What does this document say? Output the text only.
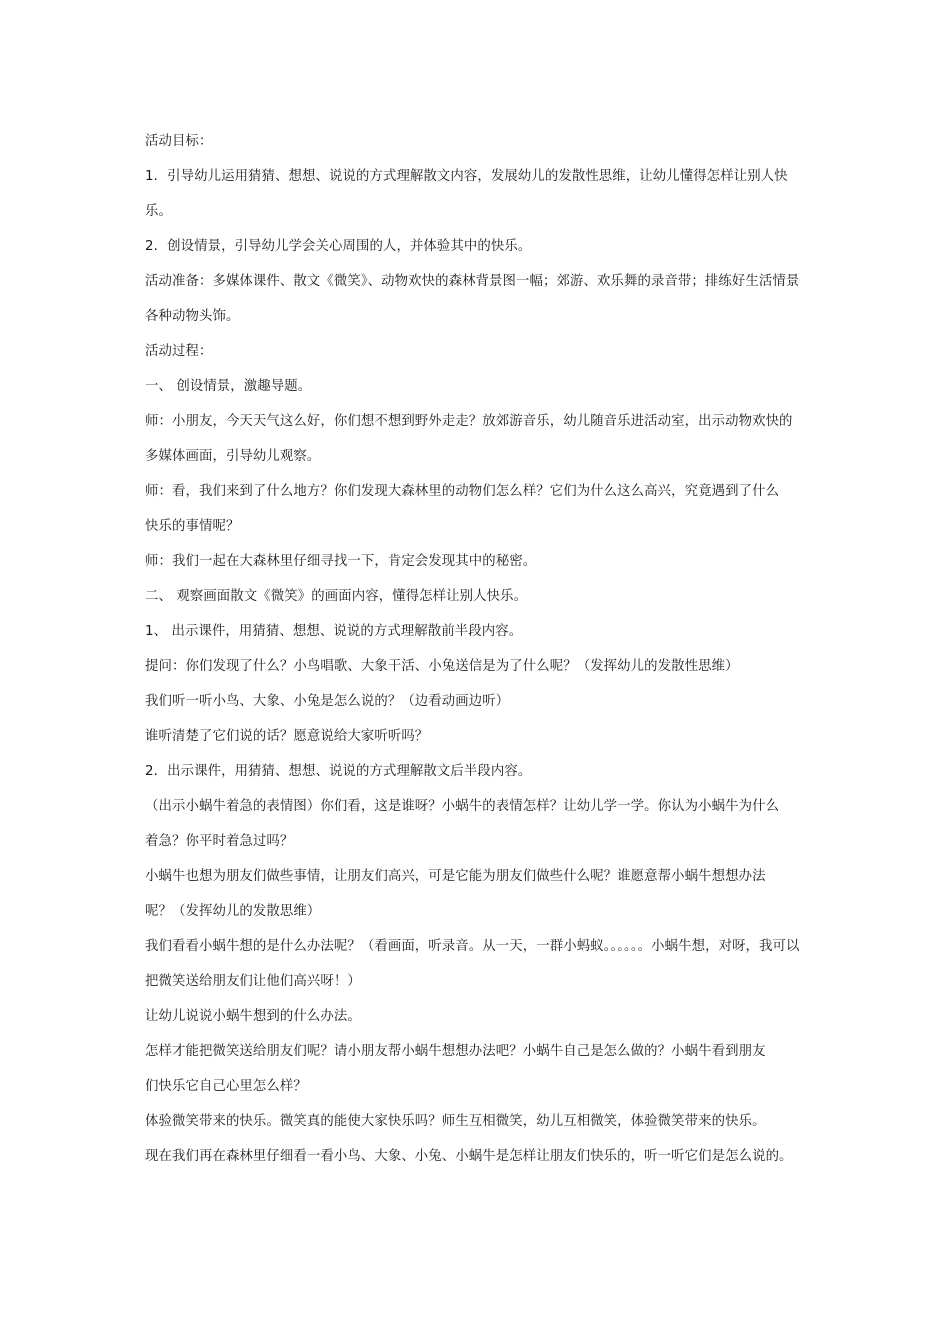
活动目标：

1．引导幼儿运用猜猜、想想、说说的方式理解散文内容，发展幼儿的发散性思维，让幼儿懂得怎样让别人快

乐。

2．创设情景，引导幼儿学会关心周围的人，并体验其中的快乐。

活动准备：多媒体课件、散文《微笑》、动物欢快的森林背景图一幅；郊游、欢乐舞的录音带；排练好生活情景

各种动物头饰。

活动过程：

一、 创设情景，激趣导题。

师：小朋友，今天天气这么好，你们想不想到野外走走？放郊游音乐，幼儿随音乐进活动室，出示动物欢快的

多媒体画面，引导幼儿观察。

师：看，我们来到了什么地方？你们发现大森林里的动物们怎么样？它们为什么这么高兴，究竟遇到了什么

快乐的事情呢？

师：我们一起在大森林里仔细寻找一下，肯定会发现其中的秘密。

二、 观察画面散文《微笑》的画面内容，懂得怎样让别人快乐。

1、 出示课件，用猜猜、想想、说说的方式理解散前半段内容。

提问：你们发现了什么？小鸟唱歌、大象干活、小兔送信是为了什么呢？（发挥幼儿的发散性思维）

我们听一听小鸟、大象、小兔是怎么说的？（边看动画边听）

谁听清楚了它们说的话？愿意说给大家听听吗？

2．出示课件，用猜猜、想想、说说的方式理解散文后半段内容。

（出示小蜗牛着急的表情图）你们看，这是谁呀？小蜗牛的表情怎样？让幼儿学一学。你认为小蜗牛为什么

着急？你平时着急过吗？

小蜗牛也想为朋友们做些事情，让朋友们高兴，可是它能为朋友们做些什么呢？谁愿意帮小蜗牛想想办法

呢？（发挥幼儿的发散思维）

我们看看小蜗牛想的是什么办法呢？（看画面，听录音。从一天，一群小蚂蚁。。。。。。小蜗牛想，对呀，我可以

把微笑送给朋友们让他们高兴呀！）

让幼儿说说小蜗牛想到的什么办法。

怎样才能把微笑送给朋友们呢？请小朋友帮小蜗牛想想办法吧？小蜗牛自己是怎么做的？小蜗牛看到朋友

们快乐它自己心里怎么样？

体验微笑带来的快乐。微笑真的能使大家快乐吗？师生互相微笑，幼儿互相微笑，体验微笑带来的快乐。

现在我们再在森林里仔细看一看小鸟、大象、小兔、小蜗牛是怎样让朋友们快乐的，听一听它们是怎么说的。
